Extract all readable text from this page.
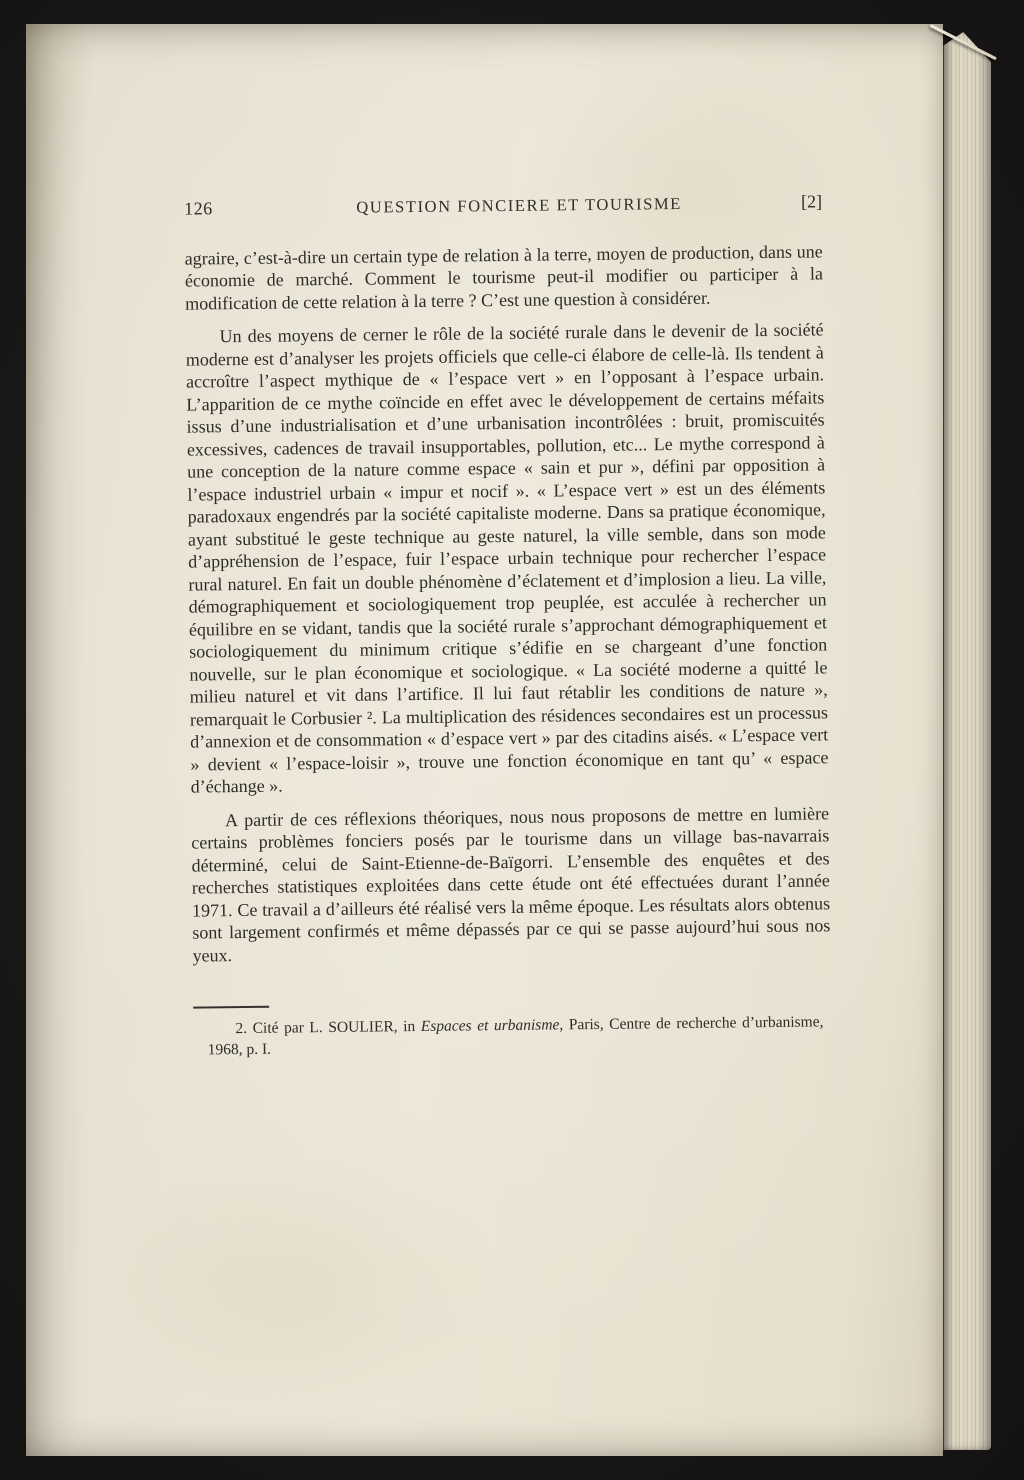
126	QUESTION FONCIERE ET TOURISME	[2]

agraire, c’est-à-dire un certain type de relation à la terre, moyen de production, dans une économie de marché. Comment le tourisme peut-il modifier ou participer à la modification de cette relation à la terre ? C’est une question à considérer.

Un des moyens de cerner le rôle de la société rurale dans le devenir de la société moderne est d’analyser les projets officiels que celle-ci élabore de celle-là. Ils tendent à accroître l’aspect mythique de « l’espace vert » en l’opposant à l’espace urbain. L’apparition de ce mythe coïncide en effet avec le développement de certains méfaits issus d’une industrialisation et d’une urbanisation incontrôlées : bruit, promiscuités excessives, cadences de travail insupportables, pollution, etc... Le mythe correspond à une conception de la nature comme espace « sain et pur », défini par opposition à l’espace industriel urbain « impur et nocif ». « L’espace vert » est un des éléments paradoxaux engendrés par la société capitaliste moderne. Dans sa pratique économique, ayant substitué le geste technique au geste naturel, la ville semble, dans son mode d’appréhension de l’espace, fuir l’espace urbain technique pour rechercher l’espace rural naturel. En fait un double phénomène d’éclatement et d’implosion a lieu. La ville, démographiquement et sociologiquement trop peuplée, est acculée à rechercher un équilibre en se vidant, tandis que la société rurale s’approchant démographiquement et sociologiquement du minimum critique s’édifie en se chargeant d’une fonction nouvelle, sur le plan économique et sociologique. « La société moderne a quitté le milieu naturel et vit dans l’artifice. Il lui faut rétablir les conditions de nature », remarquait le Corbusier ². La multiplication des résidences secondaires est un processus d’annexion et de consommation « d’espace vert » par des citadins aisés. « L’espace vert » devient « l’espace-loisir », trouve une fonction économique en tant qu’ « espace d’échange ».

A partir de ces réflexions théoriques, nous nous proposons de mettre en lumière certains problèmes fonciers posés par le tourisme dans un village bas-navarrais déterminé, celui de Saint-Etienne-de-Baïgorri. L’ensemble des enquêtes et des recherches statistiques exploitées dans cette étude ont été effectuées durant l’année 1971. Ce travail a d’ailleurs été réalisé vers la même époque. Les résultats alors obtenus sont largement confirmés et même dépassés par ce qui se passe aujourd’hui sous nos yeux.

2. Cité par L. SOULIER, in Espaces et urbanisme, Paris, Centre de recherche d’urbanisme, 1968, p. I.
